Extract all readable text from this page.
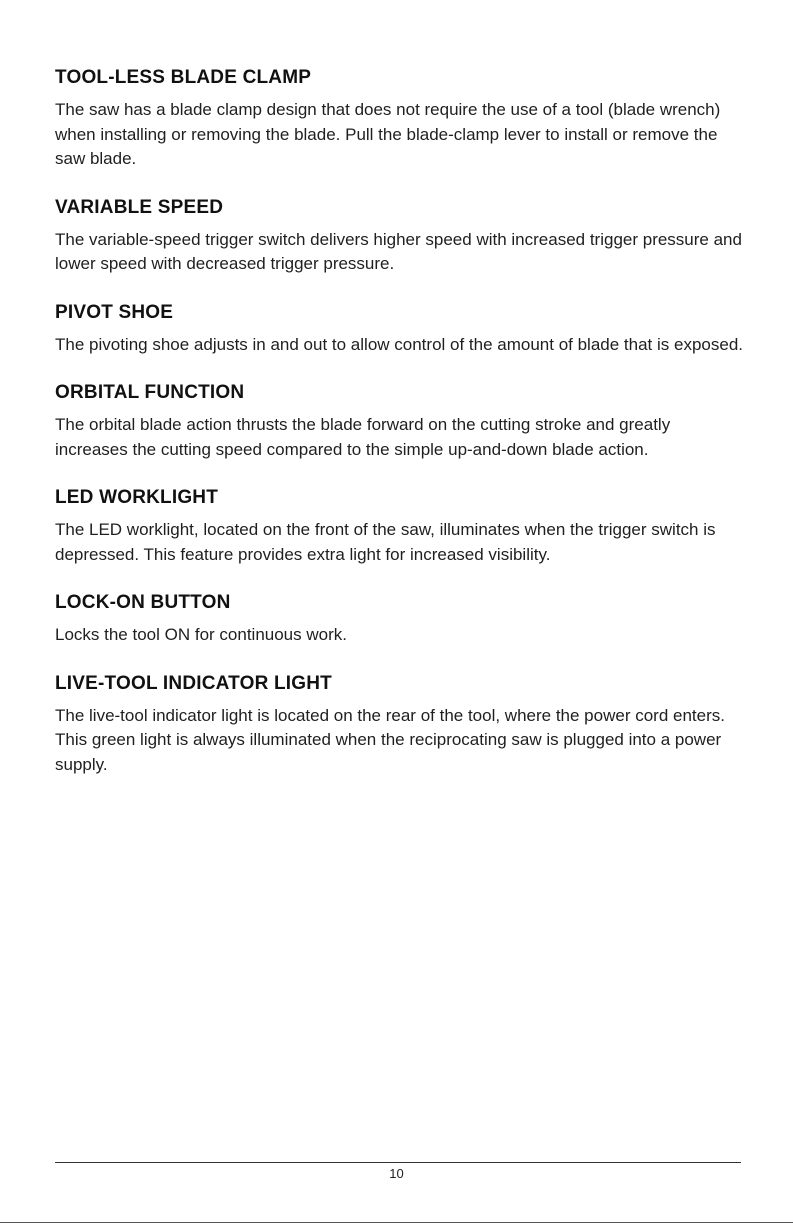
TOOL-LESS BLADE CLAMP

The saw has a blade clamp design that does not require the use of a tool (blade wrench) when installing or removing the blade. Pull the blade-clamp lever to install or remove the saw blade.

VARIABLE SPEED

The variable-speed trigger switch delivers higher speed with increased trigger pressure and lower speed with decreased trigger pressure.

PIVOT SHOE

The pivoting shoe adjusts in and out to allow control of the amount of blade that is exposed.

ORBITAL FUNCTION

The orbital blade action thrusts the blade forward on the cutting stroke and greatly increases the cutting speed compared to the simple up-and-down blade action.

LED WORKLIGHT

The LED worklight, located on the front of the saw, illuminates when the trigger switch is depressed. This feature provides extra light for increased visibility.

LOCK-ON BUTTON

Locks the tool ON for continuous work.

LIVE-TOOL INDICATOR LIGHT

The live-tool indicator light is located on the rear of the tool, where the power cord enters. This green light is always illuminated when the reciprocating saw is plugged into a power supply.

10
